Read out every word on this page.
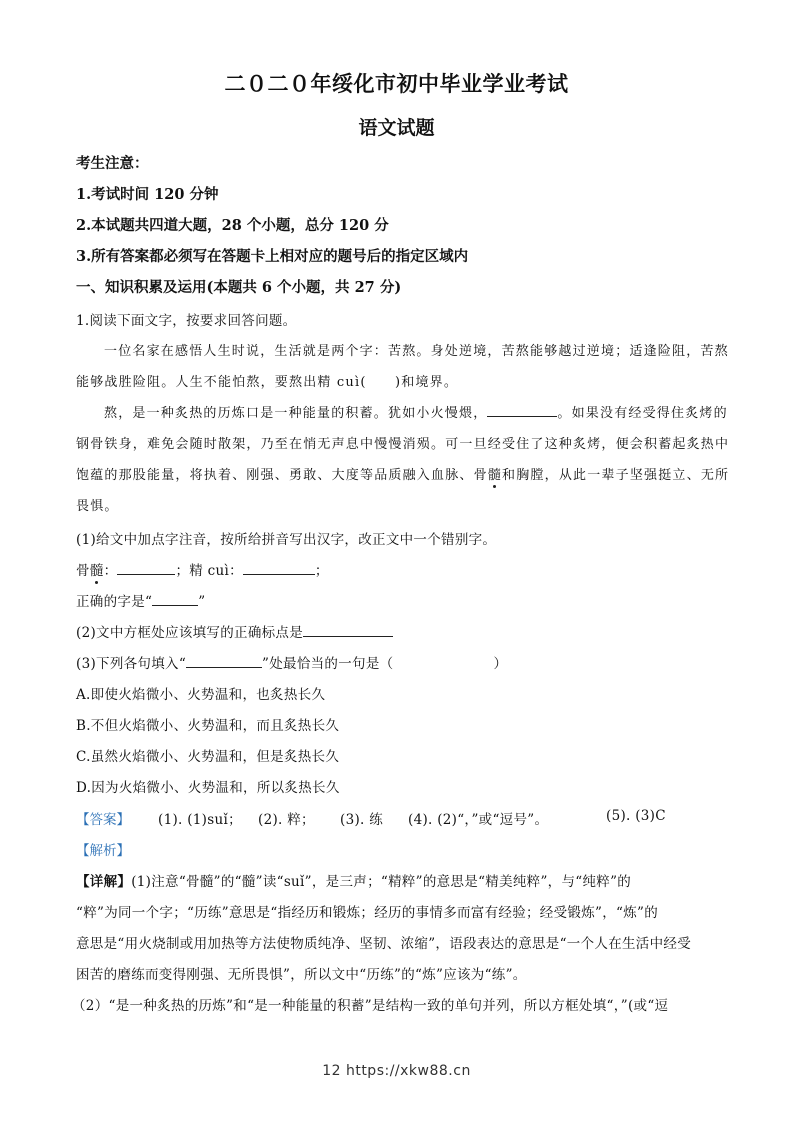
二０二０年绥化市初中毕业学业考试
语文试题
考生注意：
1.考试时间 120 分钟
2.本试题共四道大题，28 个小题，总分 120 分
3.所有答案都必须写在答题卡上相对应的题号后的指定区域内
一、知识积累及运用(本题共 6 个小题，共 27 分)
1.阅读下面文字，按要求回答问题。
一位名家在感悟人生时说，生活就是两个字：苦熬。身处逆境，苦熬能够越过逆境；适逢险阻，苦熬
能够战胜险阻。人生不能怕熬，要熬出精 cuì(　　)和境界。
熬，是一种炙热的历炼口是一种能量的积蓄。犹如小火慢煨，	。如果没有经受得住炙烤的
钢骨铁身，难免会随时散架，乃至在悄无声息中慢慢消殒。可一旦经受住了这种炙烤，便会积蓄起炙热中
饱蕴的那股能量，将执着、刚强、勇敢、大度等品质融入血脉、骨髓和胸膛，从此一辈子坚强挺立、无所
畏惧。
(1)给文中加点字注音，按所给拼音写出汉字，改正文中一个错别字。
骨髓：	；精 cuì：	；
正确的字是“	”
(2)文中方框处应该填写的正确标点是
(3)下列各句填入“	”处最恰当的一句是（	）
A.即使火焰微小、火势温和，也炙热长久
B.不但火焰微小、火势温和，而且炙热长久
C.虽然火焰微小、火势温和，但是炙热长久
D.因为火焰微小、火势温和，所以炙热长久
【答案】 (1). (1)suǐ； (2). 粹； (3). 练 (4). (2)“，”或“逗号”。	(5). (3)C
【解析】
【详解】(1)注意“骨髓”的“髓”读“suǐ”，是三声；“精粹”的意思是“精美纯粹”，与“纯粹”的
“粹”为同一个字；“历练”意思是“指经历和锻炼；经历的事情多而富有经验；经受锻炼”，“炼”的
意思是“用火烧制或用加热等方法使物质纯净、坚韧、浓缩”，语段表达的意思是“一个人在生活中经受
困苦的磨练而变得刚强、无所畏惧”，所以文中“历练”的“炼”应该为“练”。
（2）“是一种炙热的历炼”和“是一种能量的积蓄”是结构一致的单句并列，所以方框处填“，”(或“逗
12 https://xkw88.cn
